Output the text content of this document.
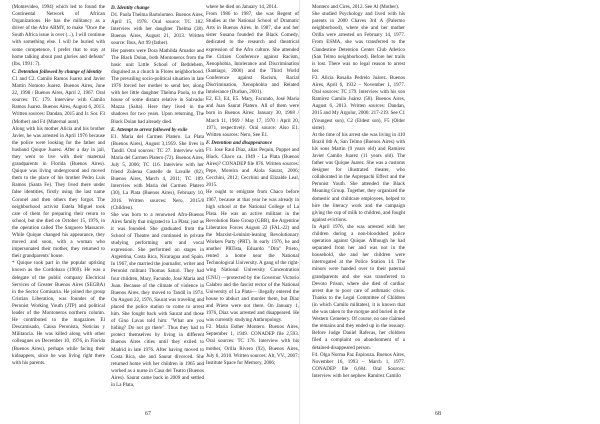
(Montevideo, 1994) which led to found the Continental Network of African Organizations. He has the militancy as a driver of the Afro ARMY, to make "Once the South Africa issue is over (...), I will continue with something else. I will be buried with some competence, I prefer that to stay at home talking about past glories and defeats"(Ibs, 1991: 7).

C. Detention followed by change of identity

C1 and C2. Camilo Ramos Juarez and Javier Martin Nomoto Juarez. Buenos Aires, June 22, 1998 / Buenos Aires, April 2, 1967. Oral sources: TC 179. Interview with Camilo Ramos Juarez. Buenos Aires, August 6, 2013. Written sources: Dandan, 2015 and Jr. Sor. F3 (Mother) and F4 (Maternal aunt).

Along with his mother Alicia and his brother Javier, he was arrested in April 1976 because the police were looking for the father and husband Quique Juarez. After a day in jail, they went to live with their maternal grandparents in Florida (Buenos Aires). Quique was living underground and moved them to the place of his brother Pedro Luis Ramos (Santa Fe). They lived there under false identities, firstly using the last name Coronel and then others they forgot. The neighborhood activist Estela Miguel took care of them for preparing their return to school, but she died on October 15, 1976, in the operation called The Sarguero Massacre. While Quique changed his appearance, they moved and soon, with a woman who impersonated their mother, they returned to their grandparents' house.

* Quique took part in the popular uprising known as the Cordobazo (1969). He was a delegate of the public company Electrical Services of Greater Buenos Aires (SEGBA) in the Sector Comisaria. He joined the group Cristian Liberation, was founder of the Peronist Working Youth (JTP) and political leader of the Montoneros northern column. He contributed to the magazines El Descamisado, Causa Peronista, Noticias y Militancia. He was killed along with other colleagues on December 10, 1976, in Florida (Buenos Aires), perhaps while facing their kidnappers, since he was living right there with his parents.

D. Identity change

D1. Paola Thelma Bartolomeo. Buenos Aires, April 15, 1978. Oral source: TC 182. Interview with her daughter Thelma (38). Buenos Aires, August 21, 2013. Written source: Ibus, Art 99 (father).

Her parents were Dora Mathilda Amador and The Black Dolan, both Montoneros from the basic unit Little School of Bethlehem, disguised as a church in Flores neighborhood. The prevailing socio-political situation in late 1976 forced her mother to send her, along with her little daughter Thelma Paola, to the house of some distant relative in Salvador Mazza (Salta). Here they lived in the shadows for two years. Upon returning, The Black Dolan had already died.

E. Attempt to arrest followed by exile

E1. Maria del Carmen Platero. La Plata (Buenos Aires), August 3,1959. She lives in Tandil. Oral sources: TC 27. Interview with Maria del Carmen Platero (72). Buenos Aires, July 5, 2006; TC 116. Interview with her friend Zulema Castelle de Lavalle (82), Buenos Aires, March 4, 2011; TC 189. Interview with Maria del Carmen Platero (30), La Plata (Buenos Aires), February 10, 2016. Written sources: Nero, 2015/8 (Children).

She was born to a renowned Afro-Buenos Aires family that migrated to La Plata; just as it was founded. She graduated from the School of Theatre and continued in private studying performing arts and vocal expression. She performed on stages in Argentina, Costa Rica, Nicaragua and Spain. In 1967, she married the journalist, writer and Peronist militant Thomas Saturi. They had four children, Mary, Facundo, José Maria and Juan. Because of the climate of violence in Buenos Aires, they moved to Tandil in 1974. On August 22, 1976, Saurat was traveling and placed the police station to come to arrest him. She fought back with Saurat and those of Gino Lavas told him: "What are you hiding? Do not go there". Thus they had to protect themselves by living in different Buenos Aires cities until they exiled to Madrid in late 1976. After having moved to Costa Rica, she and Saurat divorced. She returned home with her children in 1965 and worked as a nurse in Casa del Teatro (Buenos Aires). Saurat came back in 2009 and settled in La Plata,

where he died on January 14, 2014.

From 1986 to 1987, she was Regent of Studies at the National School of Dramatic Arts in Buenos Aires. In 1987, she and her sister Susana founded the Black Comedy, dedicated to the research and theatrical expression of the Afro culture. She attended the Citizen Conference against Racism, Xenophobia, Intolerance and Discrimination (Santiago, 2000) and the Third World Conference against Racism, Racial Discrimination, Xenophobia and Related Intolerance (Durban, 2001).

E2, E3, E4, E5. Mary, Facundo, José Maria and Juan Saurat Platero. All of them were born in Buenos Aires: January 30, 1968 / March 11, 1969 / May 17, 1970 / April 20, 1971, respectively. Oral source: Also E1. Written sources: Nero, See E1.

F. Detention and disappearance

F1. Jose Raul Díaz, alias Pequin, Puppet and Black. Chaco ca. 1949 - La Plata (Buenos Aires)? CONADEP file 876. Written sources: Pepe, Moreira and Alola Saurat, 2006; Cecchini, 2012; Cecchini and Elizalde Leal, 2015.

He ought to emigrate from Chaco before 1967, because at that year he was already in high school at the National College of La Plata. He was an active militant in the Revolution Base Group (GBR), the Argentine Liberation Forces August 22 (FAL-22) and the Marxist-Leninist-leaning Revolutionary Workers Party (PRT). In early 1976, he and another PRTista, Eduardo "Dito" Prieto, rented a home near the National Technological University. A gang of the right-wing National University Concentration (CNU) —protected by the Governor Victorio Calabro and the fascist rector of the National University of La Plata— illegally entered the house to abduct and murder them, but Díaz and Prieto were not there. On January 1, 1976, Díaz was arrested and disappeared. He was currently studying Anthropology.

F2. Maria Esther Montero. Buenos Aires, September 1, 1949. CONADEP file 2,593. Oral sources: TC 176. Interview with his mother, Orilla Rivero (92), Buenos Aires, July 6, 2010. Written sources: Alt, VV., 2007; Institute Space for Memory, 2006;

67

Montero and Cires, 2012. See Al (Mother).

She studied Psychology and lived with his parents in 2000 Chaves 3rd A (Palermo neighborhood), where she and her mother Orilla were arrested on February 14, 1977. From ESMA, she was transferred to the Clandestine Detention Center Club Atletico (San Telmo neighborhood). Before her trails is lost. There was no legal reason to arrest her.

F3. Alicia Rosalia Pedrelo Juárez. Buenos Aires, April 6, 1932 – November 1, 1977. Oral sources: TC 179. Interview with his son Ramirez Camilo Juárez (58). Buenos Aires, August 6, 2013. Written sources: Dandan, 2015 and My Argolor, 2006: 217-219. See C1 (Youngest son), C2 (Eldest son), F5 (Older sister).

At the time of his arrest she was living in 410 Brazil 6th A, San Telmo (Buenos Aires) with his sons Martin (9 years old) and Ramirez Javier Camilo Juarez (11 years old). The father was Quique Juarez. She was a customs designer for illustrated theater, who collaborated in the Asprepachi Effect and the Peronist Youth. She attended the Black Meaning Group. Together, they organized the domestic and childcare employees, helped to hire the literacy work and the campaign giving the cup of milk to children, and fought against evictions.

In April 1976, she was arrested with her children during a non-bloodshed police operation against Quique. Although he had separated from her and was not in the household, she and her children were interrogated at the Police Station 14. The minors were handed over to their paternal grandparents and she was transferred to Devoto Prison, where she died of cardiac arrest due to poor care of asthmatic crisis. Thanks to the Legal Committee of Children (in which Camilo militates), it is known that she was taken to the morgue and buried in the Western Cemetery. Of course, no one claimed the remains and they ended up in the ossuary. Before Judge Daniel Rafecas, her children filed a complaint on abandonment of a detained-disappeared person.

F4. Olga Norma Paz Espinoza. Buenos Aires, November 16, 1993 – March 1, 1977. CONADEP file 6,684. Oral Sources: Interview with her nephew Ramirez Camilo

68
